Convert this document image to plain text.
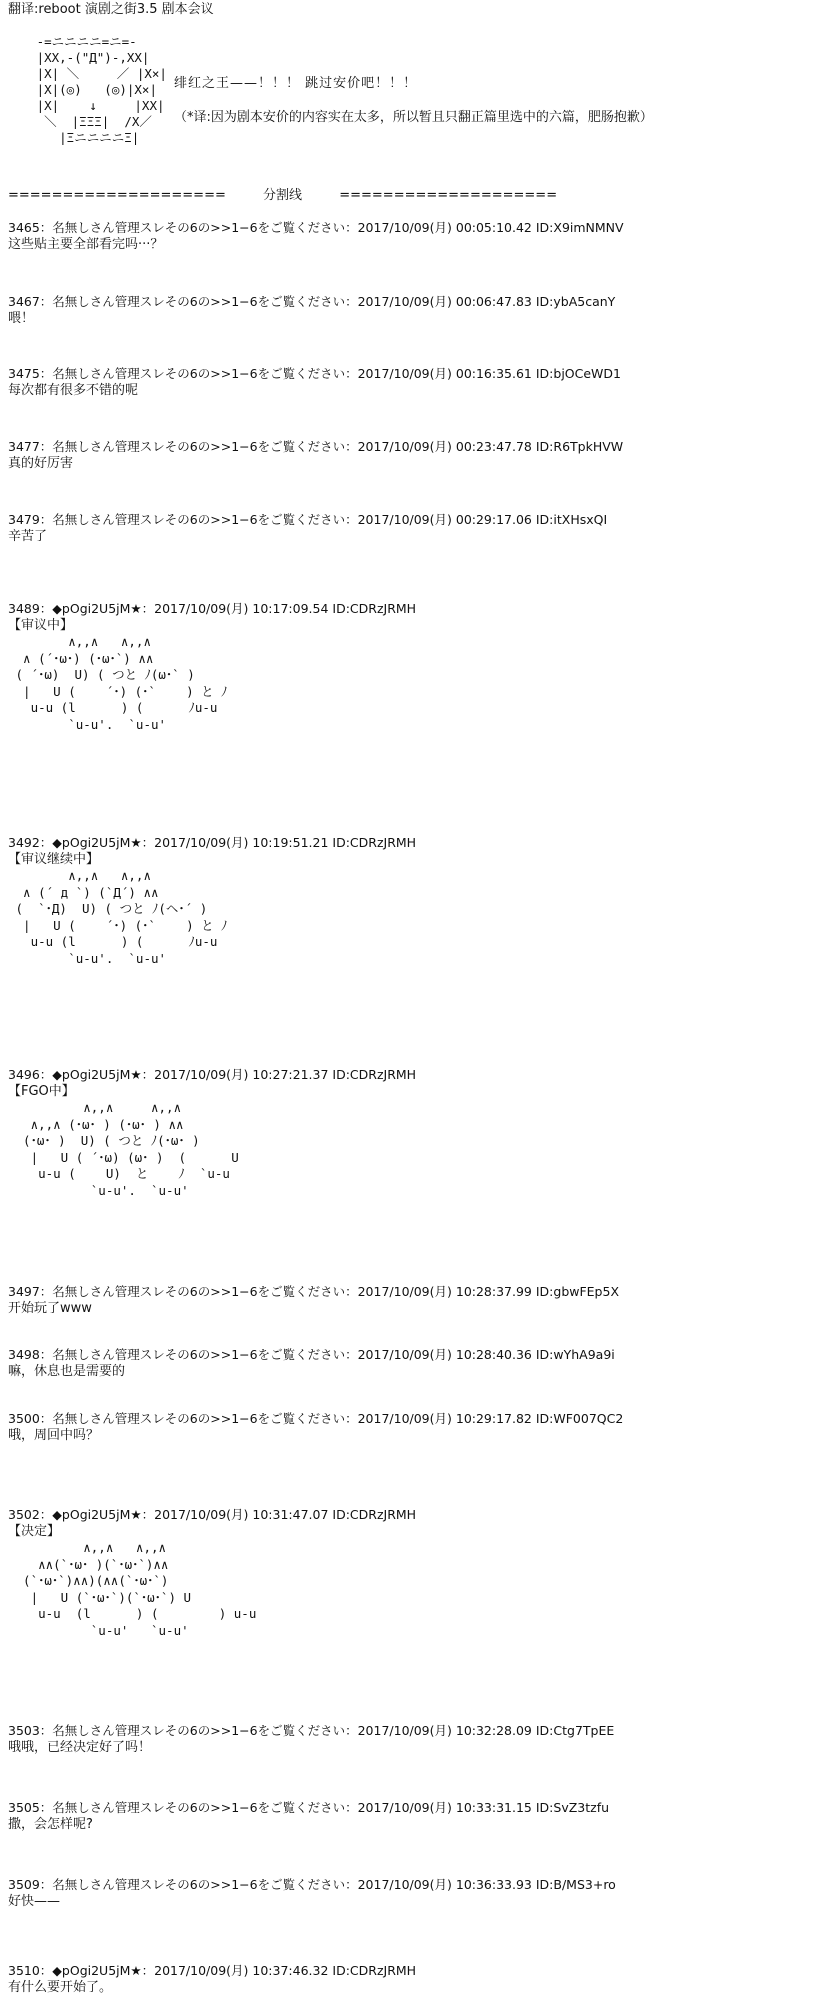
翻译:reboot 演剧之街3.5 剧本会议
-=ニニニニ=ニ=-
|XX,-("Д")-,XX|
|X| ＼     ／ |X×|
|X|(◎)   (◎)|X×|
|X|    ↓     |XX|
＼  |ΞΞΞ|  /X／
|ΞニニニニΞ|
绯红之王——！！！ 跳过安价吧！！！
（*译:因为剧本安价的内容实在太多，所以暂且只翻正篇里选中的六篇，肥肠抱歉）
====================         分割线         ====================
3465：名無しさん管理スレその6の>>1−6をご覧ください：2017/10/09(月) 00:05:10.42 ID:X9imNMNV
这些贴主要全部看完吗···？
3467：名無しさん管理スレその6の>>1−6をご覧ください：2017/10/09(月) 00:06:47.83 ID:ybA5canY
喂！
3475：名無しさん管理スレその6の>>1−6をご覧ください：2017/10/09(月) 00:16:35.61 ID:bjOCeWD1
每次都有很多不错的呢
3477：名無しさん管理スレその6の>>1−6をご覧ください：2017/10/09(月) 00:23:47.78 ID:R6TpkHVW
真的好厉害
3479：名無しさん管理スレその6の>>1−6をご覧ください：2017/10/09(月) 00:29:17.06 ID:itXHsxQI
辛苦了
3489：◆pOgi2U5jM★：2017/10/09(月) 10:17:09.54 ID:CDRzJRMH
【审议中】
∧,,∧   ∧,,∧
∧ (´･ω･) (･ω･`) ∧∧
( ´･ω)  U) ( つと ﾉ(ω･` )
|   U (    ´･) (･`    ) と ﾉ
u-u (l      ) (      ﾉu-u
`u-u'.  `u-u'
3492：◆pOgi2U5jM★：2017/10/09(月) 10:19:51.21 ID:CDRzJRMH
【审议继续中】
∧,,∧   ∧,,∧
∧ (´ д `) (`Д´) ∧∧
(  `･Д)  U) ( つと ﾉ(ヘ･´ )
|   U (    ´･) (･`    ) と ﾉ
u-u (l      ) (      ﾉu-u
`u-u'.  `u-u'
3496：◆pOgi2U5jM★：2017/10/09(月) 10:27:21.37 ID:CDRzJRMH
【FGO中】
∧,,∧     ∧,,∧
∧,,∧ (･ω･ ) (･ω･ ) ∧∧
(･ω･ )  U) ( つと ﾉ(･ω･ )
|   U ( ´･ω) (ω･ )  (      U
u-u (    U)  と    ﾉ  `u-u
`u-u'.  `u-u'
3497：名無しさん管理スレその6の>>1−6をご覧ください：2017/10/09(月) 10:28:37.99 ID:gbwFEp5X
开始玩了www
3498：名無しさん管理スレその6の>>1−6をご覧ください：2017/10/09(月) 10:28:40.36 ID:wYhA9a9i
嘛，休息也是需要的
3500：名無しさん管理スレその6の>>1−6をご覧ください：2017/10/09(月) 10:29:17.82 ID:WF007QC2
哦，周回中吗？
3502：◆pOgi2U5jM★：2017/10/09(月) 10:31:47.07 ID:CDRzJRMH
【决定】
∧,,∧   ∧,,∧
∧∧(`･ω･ )(`･ω･`)∧∧
(`･ω･`)∧∧)(∧∧(`･ω･`)
|   U (`･ω･`)(`･ω･`) U
u-u  (l      ) (        ) u-u
`u-u'   `u-u'
3503：名無しさん管理スレその6の>>1−6をご覧ください：2017/10/09(月) 10:32:28.09 ID:Ctg7TpEE
哦哦，已经决定好了吗！
3505：名無しさん管理スレその6の>>1−6をご覧ください：2017/10/09(月) 10:33:31.15 ID:SvZ3tzfu
撒，会怎样呢?
3509：名無しさん管理スレその6の>>1−6をご覧ください：2017/10/09(月) 10:36:33.93 ID:B/MS3+ro
好快——
3510：◆pOgi2U5jM★：2017/10/09(月) 10:37:46.32 ID:CDRzJRMH
有什么要开始了。
